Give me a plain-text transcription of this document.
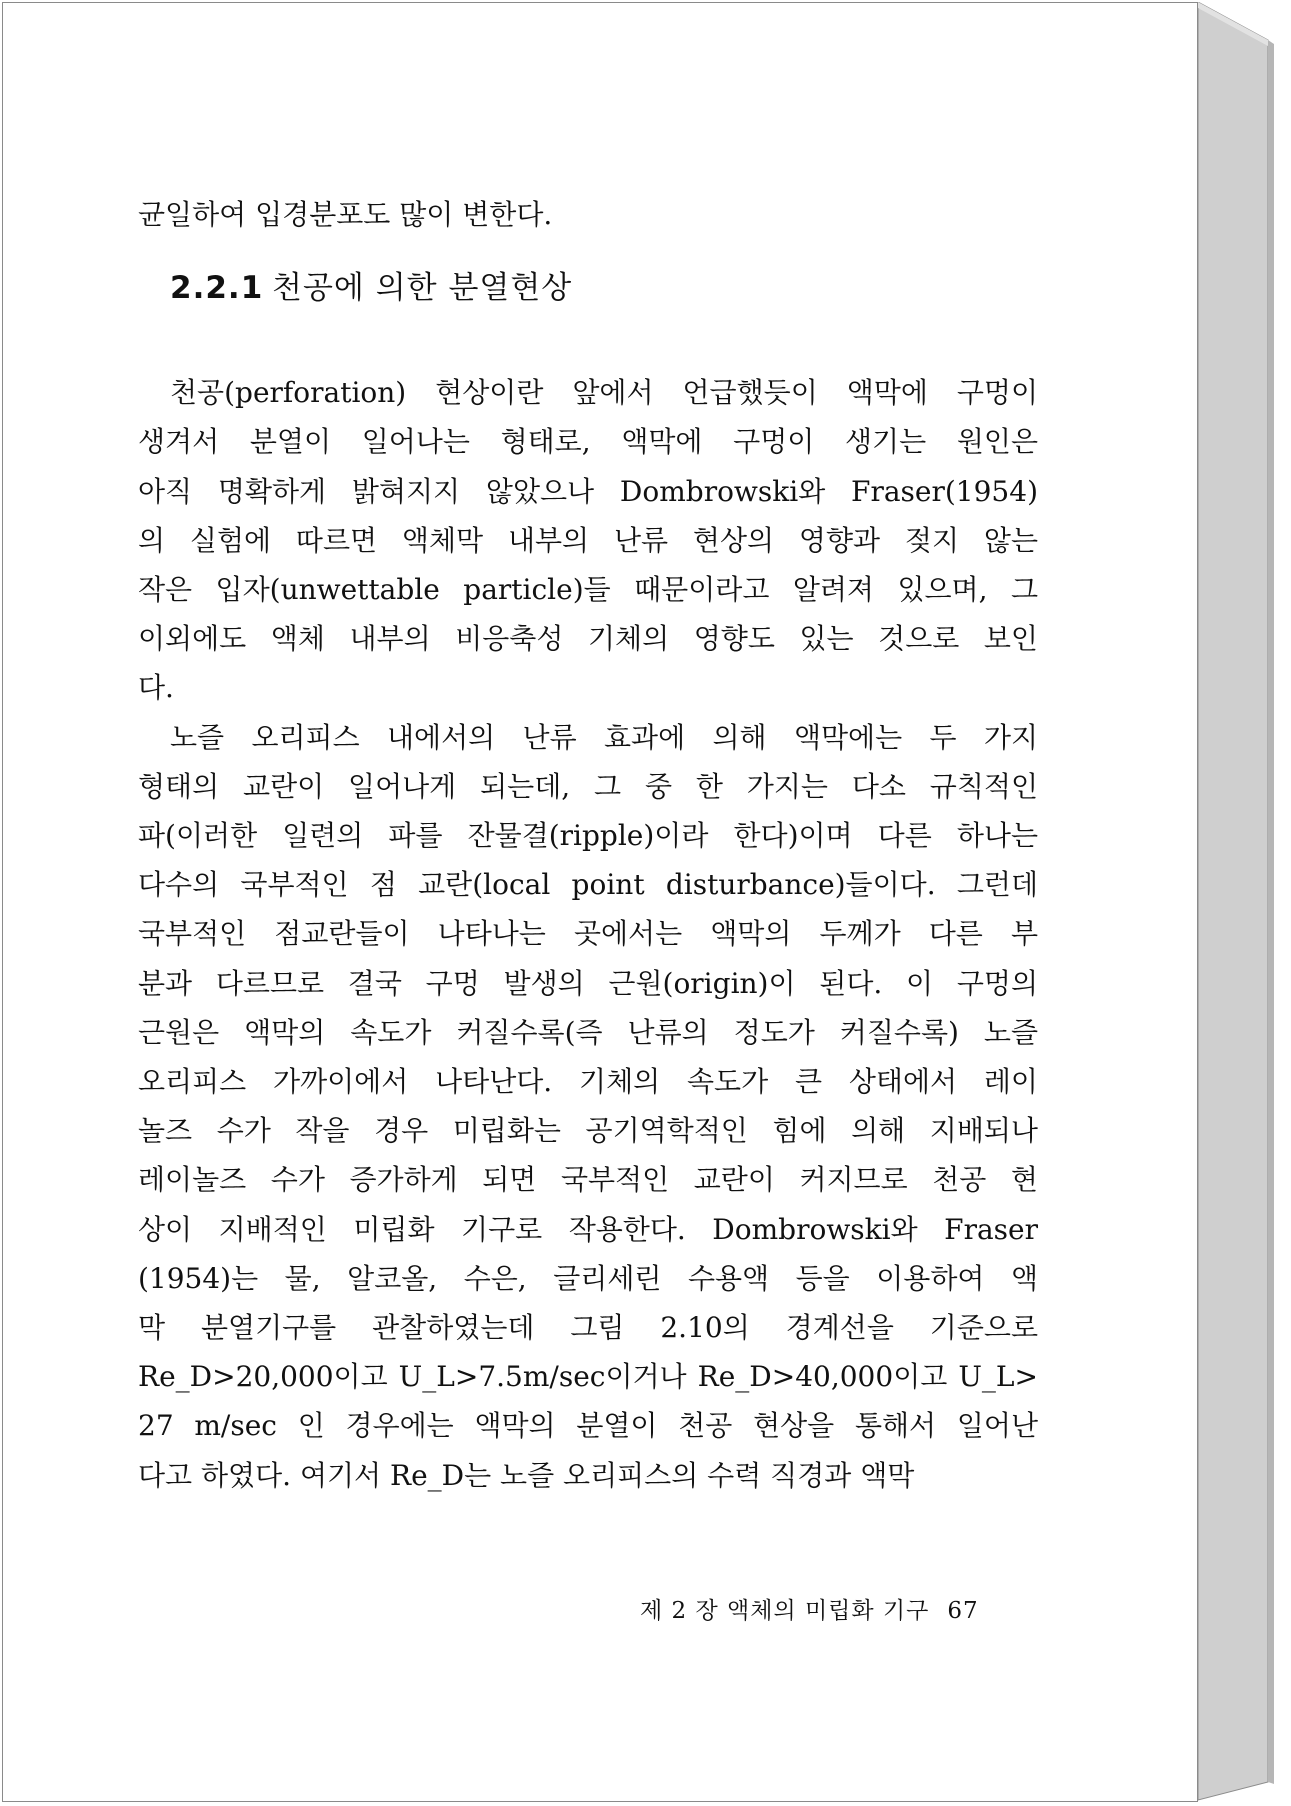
균일하여 입경분포도 많이 변한다.

2.2.1 천공에 의한 분열현상
천공(perforation) 현상이란 앞에서 언급했듯이 액막에 구멍이
생겨서 분열이 일어나는 형태로, 액막에 구멍이 생기는 원인은
아직 명확하게 밝혀지지 않았으나 Dombrowski와 Fraser(1954)
의 실험에 따르면 액체막 내부의 난류 현상의 영향과 젖지 않는
작은 입자(unwettable particle)들 때문이라고 알려져 있으며, 그
이외에도 액체 내부의 비응축성 기체의 영향도 있는 것으로 보인
다.
노즐 오리피스 내에서의 난류 효과에 의해 액막에는 두 가지
형태의 교란이 일어나게 되는데, 그 중 한 가지는 다소 규칙적인
파(이러한 일련의 파를 잔물결(ripple)이라 한다)이며 다른 하나는
다수의 국부적인 점 교란(local point disturbance)들이다. 그런데
국부적인 점교란들이 나타나는 곳에서는 액막의 두께가 다른 부
분과 다르므로 결국 구멍 발생의 근원(origin)이 된다. 이 구멍의
근원은 액막의 속도가 커질수록(즉 난류의 정도가 커질수록) 노즐
오리피스 가까이에서 나타난다. 기체의 속도가 큰 상태에서 레이
놀즈 수가 작을 경우 미립화는 공기역학적인 힘에 의해 지배되나
레이놀즈 수가 증가하게 되면 국부적인 교란이 커지므로 천공 현
상이 지배적인 미립화 기구로 작용한다. Dombrowski와 Fraser
(1954)는 물, 알코올, 수은, 글리세린 수용액 등을 이용하여 액
막 분열기구를 관찰하였는데 그림 2.10의 경계선을 기준으로
Re_D>20,000이고 U_L>7.5m/sec이거나 Re_D>40,000이고 U_L>
27 m/sec 인 경우에는 액막의 분열이 천공 현상을 통해서 일어난
다고 하였다. 여기서 Re_D는 노즐 오리피스의 수력 직경과 액막
제 2 장 액체의 미립화 기구 67
